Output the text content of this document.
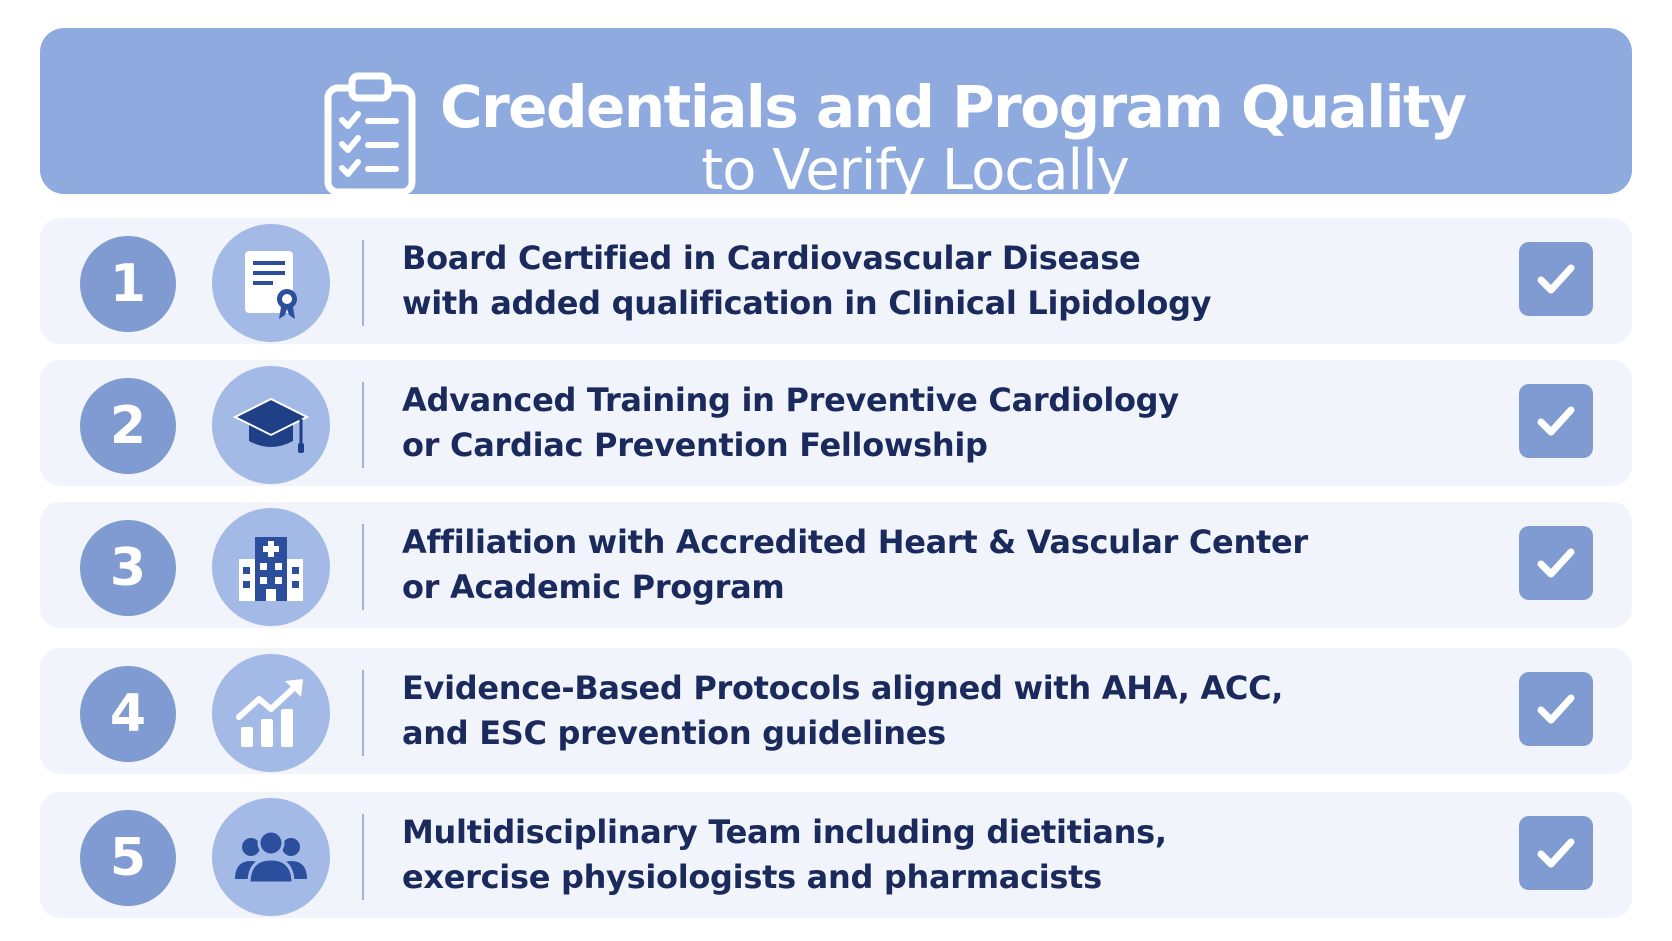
Credentials and Program Quality
to Verify Locally
1	Board Certified in Cardiovascular Disease
with added qualification in Clinical Lipidology
2	Advanced Training in Preventive Cardiology
or Cardiac Prevention Fellowship
3	Affiliation with Accredited Heart & Vascular Center
or Academic Program
4	Evidence-Based Protocols aligned with AHA, ACC,
and ESC prevention guidelines
5	Multidisciplinary Team including dietitians,
exercise physiologists and pharmacists
